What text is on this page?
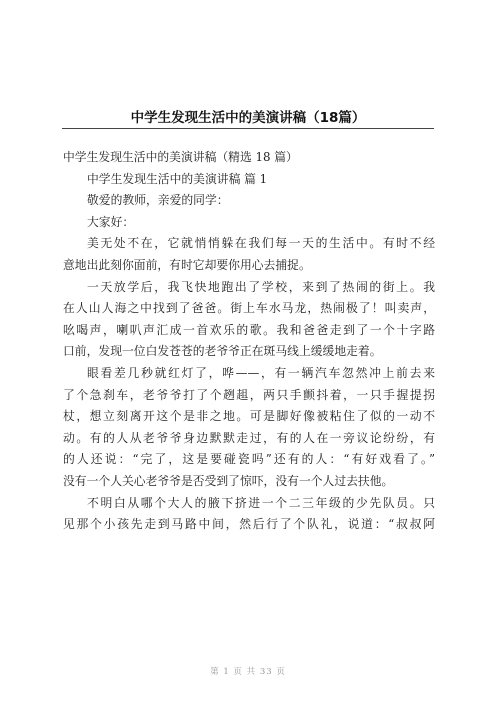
中学生发现生活中的美演讲稿（18篇）
中学生发现生活中的美演讲稿（精选 18 篇）
中学生发现生活中的美演讲稿 篇 1
敬爱的教师，亲爱的同学：
大家好：
美无处不在，它就悄悄躲在我们每一天的生活中。有时不经
意地出此刻你面前，有时它却要你用心去捕捉。
一天放学后，我飞快地跑出了学校，来到了热闹的街上。我
在人山人海之中找到了爸爸。街上车水马龙，热闹极了！叫卖声，
吆喝声，喇叭声汇成一首欢乐的歌。我和爸爸走到了一个十字路
口前，发现一位白发苍苍的老爷爷正在斑马线上缓缓地走着。
眼看差几秒就红灯了，哗——，有一辆汽车忽然冲上前去来
了个急刹车，老爷爷打了个趔趄，两只手颤抖着，一只手握提拐
杖，想立刻离开这个是非之地。可是脚好像被粘住了似的一动不
动。有的人从老爷爷身边默默走过，有的人在一旁议论纷纷，有
的人还说：“完了，这是要碰瓷吗”还有的人：“有好戏看了。”
没有一个人关心老爷爷是否受到了惊吓，没有一个人过去扶他。
不明白从哪个大人的腋下挤进一个二三年级的少先队员。只
见那个小孩先走到马路中间，然后行了个队礼，说道：“叔叔阿
第 1 页 共 33 页
